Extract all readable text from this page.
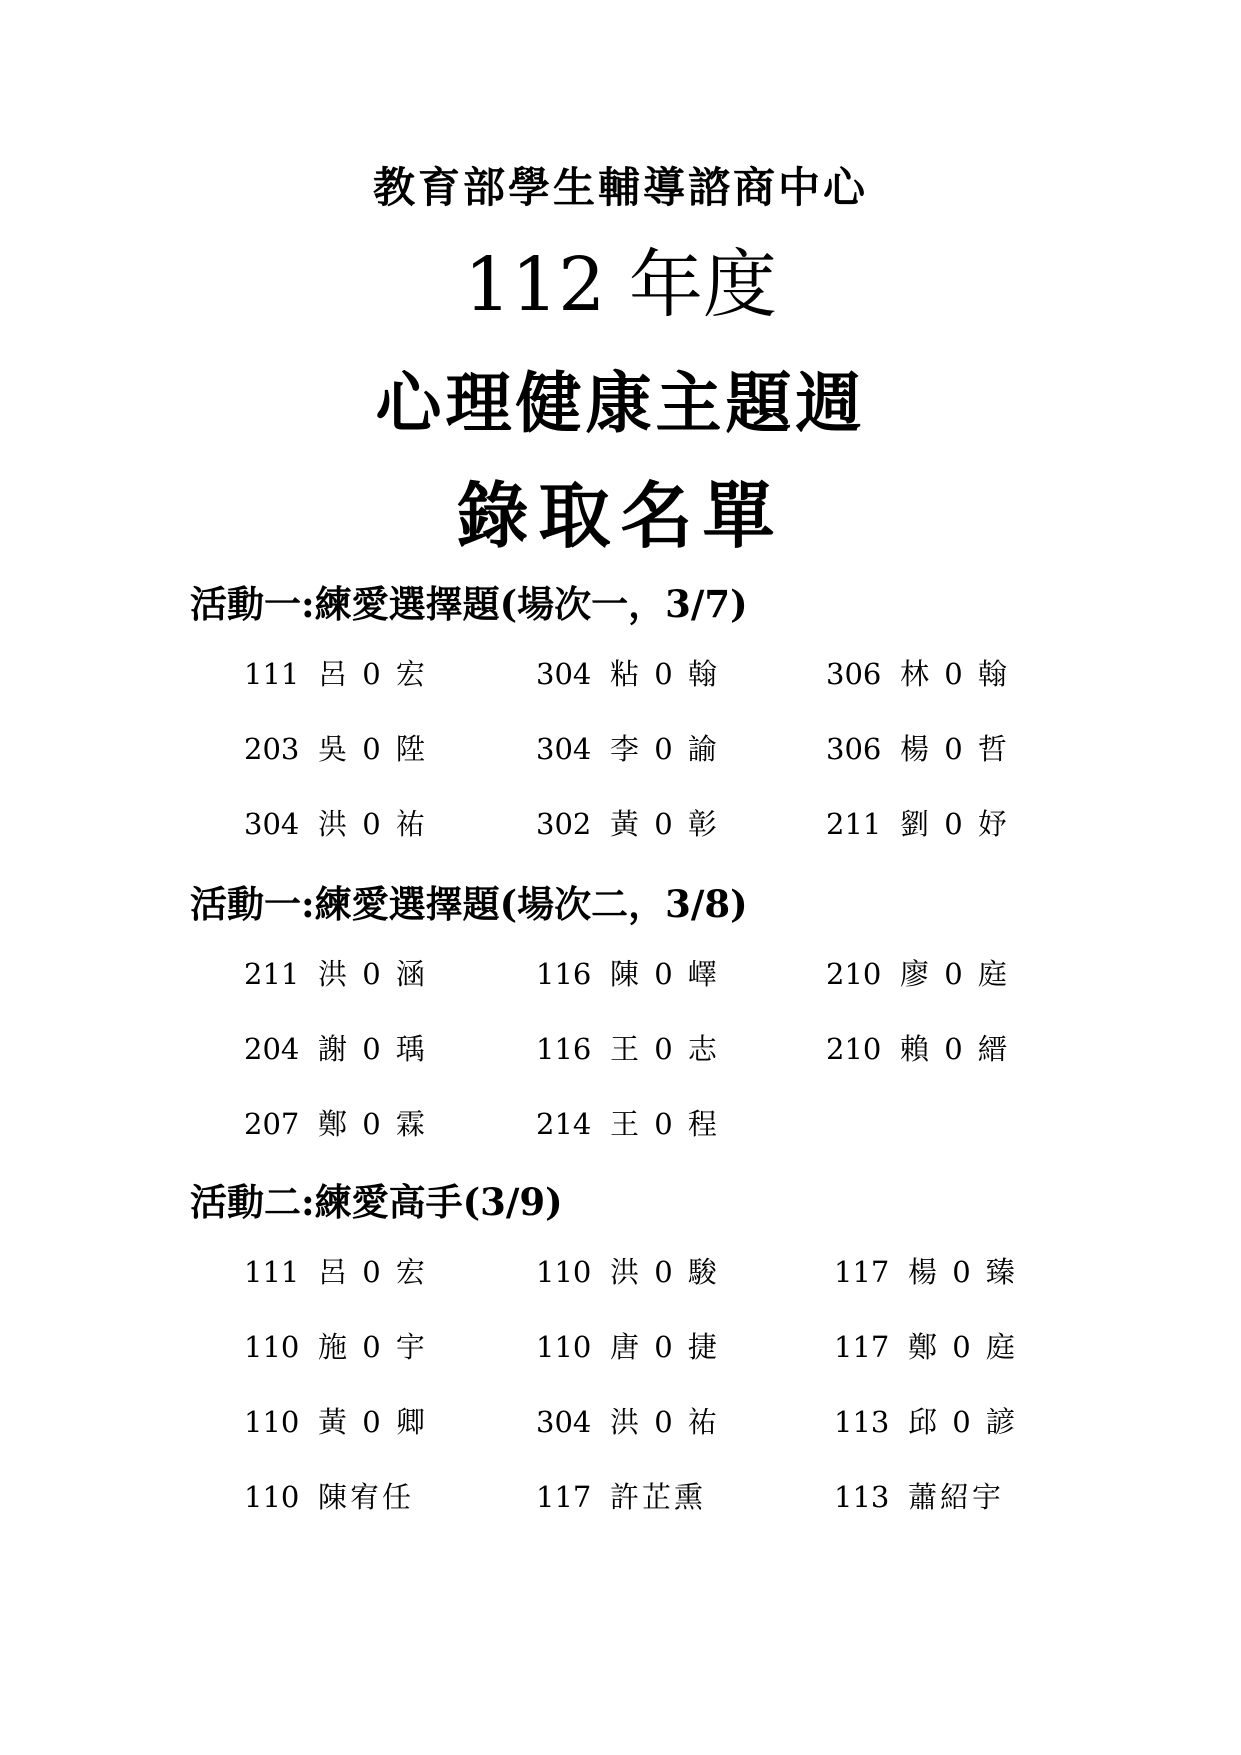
教育部學生輔導諮商中心
112 年度
心理健康主題週
錄取名單
活動一:練愛選擇題(場次一，3/7)
111 呂 0 宏	304 粘 0 翰	306 林 0 翰
203 吳 0 陞	304 李 0 諭	306 楊 0 哲
304 洪 0 祐	302 黃 0 彰	211 劉 0 妤
活動一:練愛選擇題(場次二，3/8)
211 洪 0 涵	116 陳 0 嶧	210 廖 0 庭
204 謝 0 瑀	116 王 0 志	210 賴 0 縉
207 鄭 0 霖	214 王 0 程
活動二:練愛高手(3/9)
111 呂 0 宏	110 洪 0 駿	117 楊 0 臻
110 施 0 宇	110 唐 0 捷	117 鄭 0 庭
110 黃 0 卿	304 洪 0 祐	113 邱 0 諺
110 陳宥任	117 許芷熏	113 蕭紹宇
